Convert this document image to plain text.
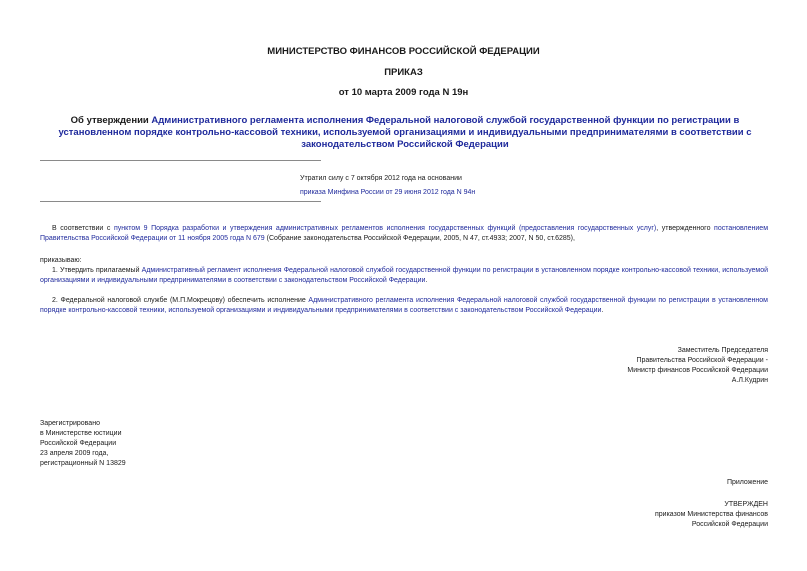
МИНИСТЕРСТВО ФИНАНСОВ РОССИЙСКОЙ ФЕДЕРАЦИИ
ПРИКАЗ
от 10 марта 2009 года N 19н
Об утверждении Административного регламента исполнения Федеральной налоговой службой государственной функции по регистрации в установленном порядке контрольно-кассовой техники, используемой организациями и индивидуальными предпринимателями в соответствии с законодательством Российской Федерации
Утратил силу с 7 октября 2012 года на основании
приказа Минфина России от 29 июня 2012 года N 94н
В соответствии с пунктом 9 Порядка разработки и утверждения административных регламентов исполнения государственных функций (предоставления государственных услуг), утвержденного постановлением Правительства Российской Федерации от 11 ноября 2005 года N 679 (Собрание законодательства Российской Федерации, 2005, N 47, ст.4933; 2007, N 50, ст.6285),
приказываю:
1. Утвердить прилагаемый Административный регламент исполнения Федеральной налоговой службой государственной функции по регистрации в установленном порядке контрольно-кассовой техники, используемой организациями и индивидуальными предпринимателями в соответствии с законодательством Российской Федерации.
2. Федеральной налоговой службе (М.П.Мокрецову) обеспечить исполнение Административного регламента исполнения Федеральной налоговой службой государственной функции по регистрации в установленном порядке контрольно-кассовой техники, используемой организациями и индивидуальными предпринимателями в соответствии с законодательством Российской Федерации.
Заместитель Председателя
Правительства Российской Федерации -
Министр финансов Российской Федерации
А.Л.Кудрин
Зарегистрировано
в Министерстве юстиции
Российской Федерации
23 апреля 2009 года,
регистрационный N 13829
Приложение
УТВЕРЖДЕН
приказом Министерства финансов
Российской Федерации
